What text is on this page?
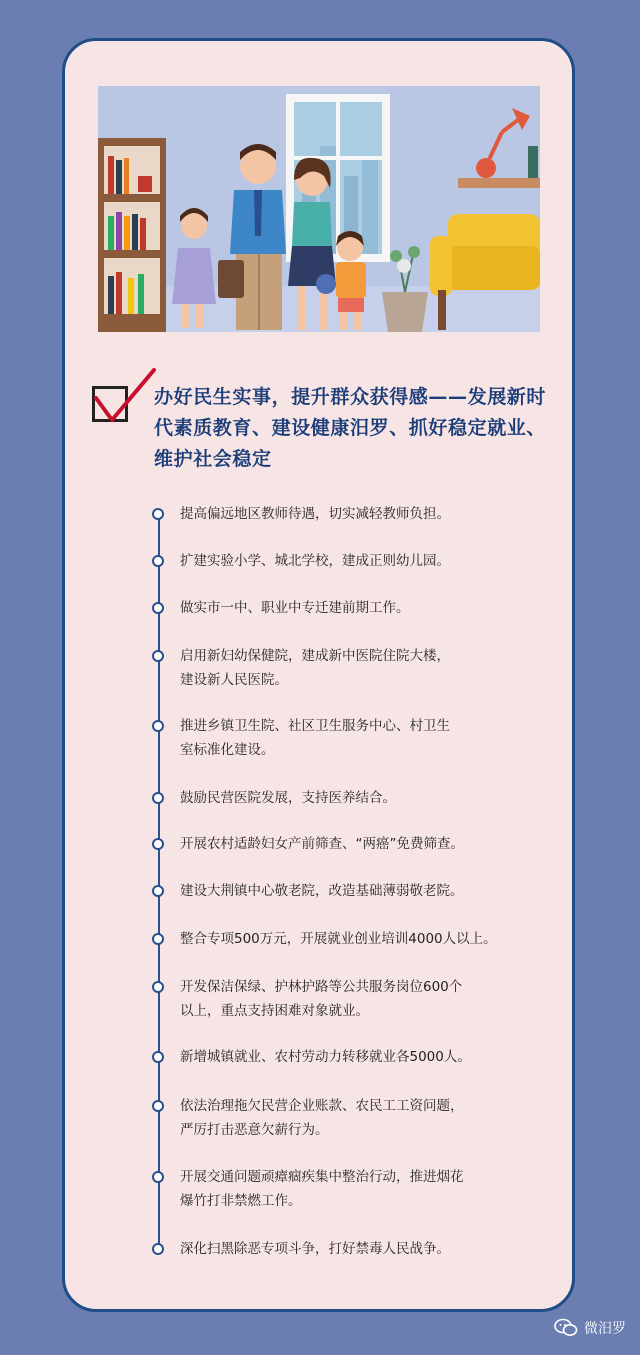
办好民生实事，提升群众获得感——发展新时代素质教育、建设健康汨罗、抓好稳定就业、维护社会稳定
提高偏远地区教师待遇，切实减轻教师负担。
扩建实验小学、城北学校，建成正则幼儿园。
做实市一中、职业中专迁建前期工作。
启用新妇幼保健院，建成新中医院住院大楼，
建设新人民医院。
推进乡镇卫生院、社区卫生服务中心、村卫生
室标准化建设。
鼓励民营医院发展，支持医养结合。
开展农村适龄妇女产前筛查、“两癌”免费筛查。
建设大荆镇中心敬老院，改造基础薄弱敬老院。
整合专项500万元，开展就业创业培训4000人以上。
开发保洁保绿、护林护路等公共服务岗位600个
以上，重点支持困难对象就业。
新增城镇就业、农村劳动力转移就业各5000人。
依法治理拖欠民营企业账款、农民工工资问题，
严厉打击恶意欠薪行为。
开展交通问题顽瘴痼疾集中整治行动，推进烟花
爆竹打非禁燃工作。
深化扫黑除恶专项斗争，打好禁毒人民战争。
微汨罗
